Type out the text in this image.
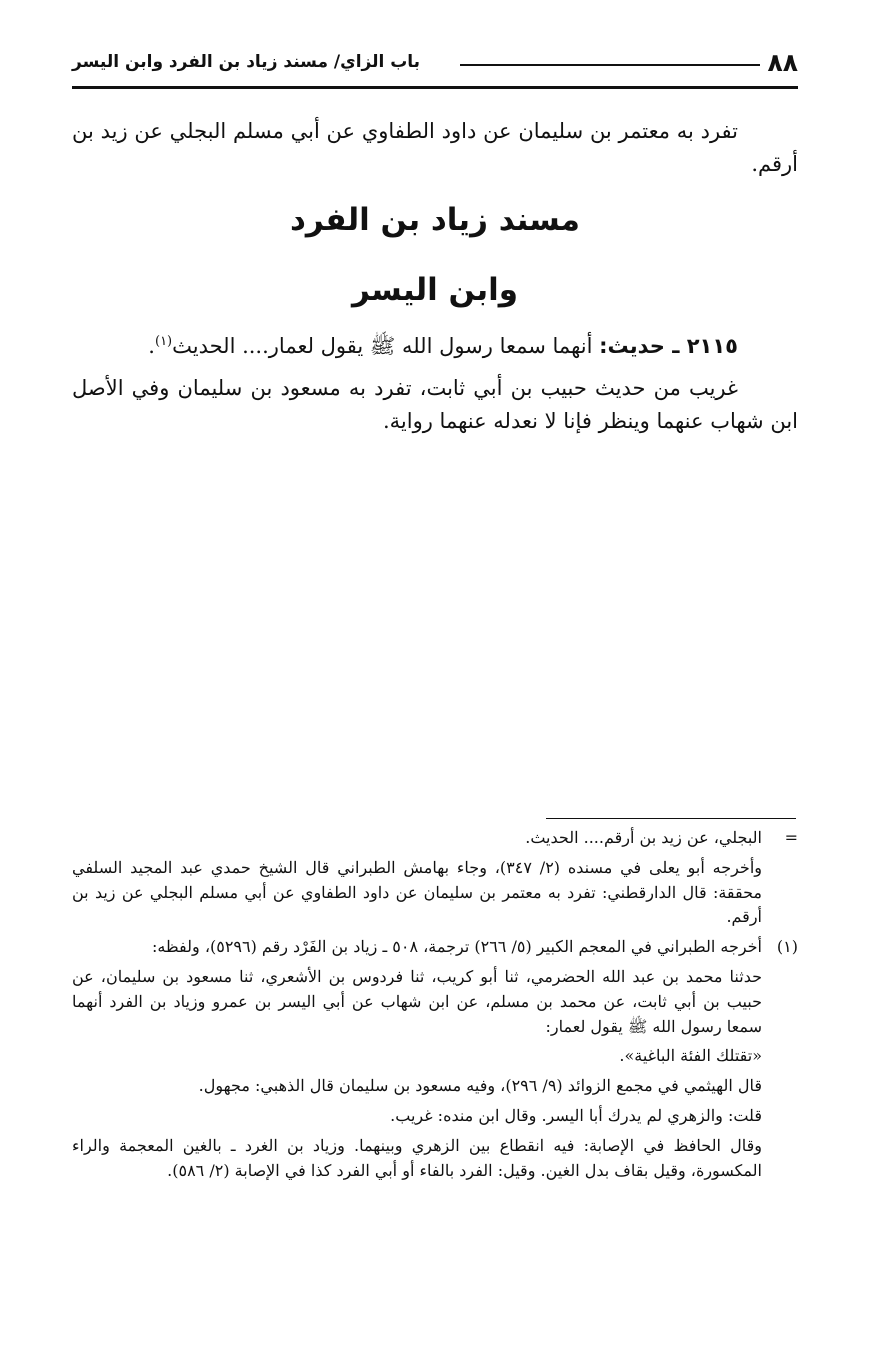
٨٨
باب الزاي/ مسند زياد بن الفرد وابن اليسر

تفرد به معتمر بن سليمان عن داود الطفاوي عن أبي مسلم البجلي عن زيد بن أرقم.

مسند زياد بن الفرد
وابن اليسر

٢١١٥ ـ حديث: أنهما سمعا رسول الله ﷺ يقول لعمار.... الحديث$^{(١)}$.

غريب من حديث حبيب بن أبي ثابت، تفرد به مسعود بن سليمان وفي الأصل ابن شهاب عنهما وينظر فإنا لا نعدله عنهما رواية.

=

البجلي، عن زيد بن أرقم.... الحديث.

وأخرجه أبو يعلى في مسنده (٢/ ٣٤٧)، وجاء بهامش الطبراني قال الشيخ حمدي عبد المجيد السلفي محققة: قال الدارقطني: تفرد به معتمر بن سليمان عن داود الطفاوي عن أبي مسلم البجلي عن زيد بن أرقم.

(١)

أخرجه الطبراني في المعجم الكبير (٥/ ٢٦٦) ترجمة، ٥٠٨ ـ زياد بن الفَرْد رقم (٥٢٩٦)، ولفظه:

حدثنا محمد بن عبد الله الحضرمي، ثنا أبو كريب، ثنا فردوس بن الأشعري، ثنا مسعود بن سليمان، عن حبيب بن أبي ثابت، عن محمد بن مسلم، عن ابن شهاب عن أبي اليسر بن عمرو وزياد بن الفرد أنهما سمعا رسول الله ﷺ يقول لعمار:

«تقتلك الفئة الباغية».

قال الهيثمي في مجمع الزوائد (٩/ ٢٩٦)، وفيه مسعود بن سليمان قال الذهبي: مجهول.

قلت: والزهري لم يدرك أبا اليسر. وقال ابن منده: غريب.

وقال الحافظ في الإصابة: فيه انقطاع بين الزهري وبينهما. وزياد بن الغرد ـ بالغين المعجمة والراء المكسورة، وقيل بقاف بدل الغين. وقيل: الفرد بالفاء أو أبي الفرد كذا في الإصابة (٢/ ٥٨٦).
